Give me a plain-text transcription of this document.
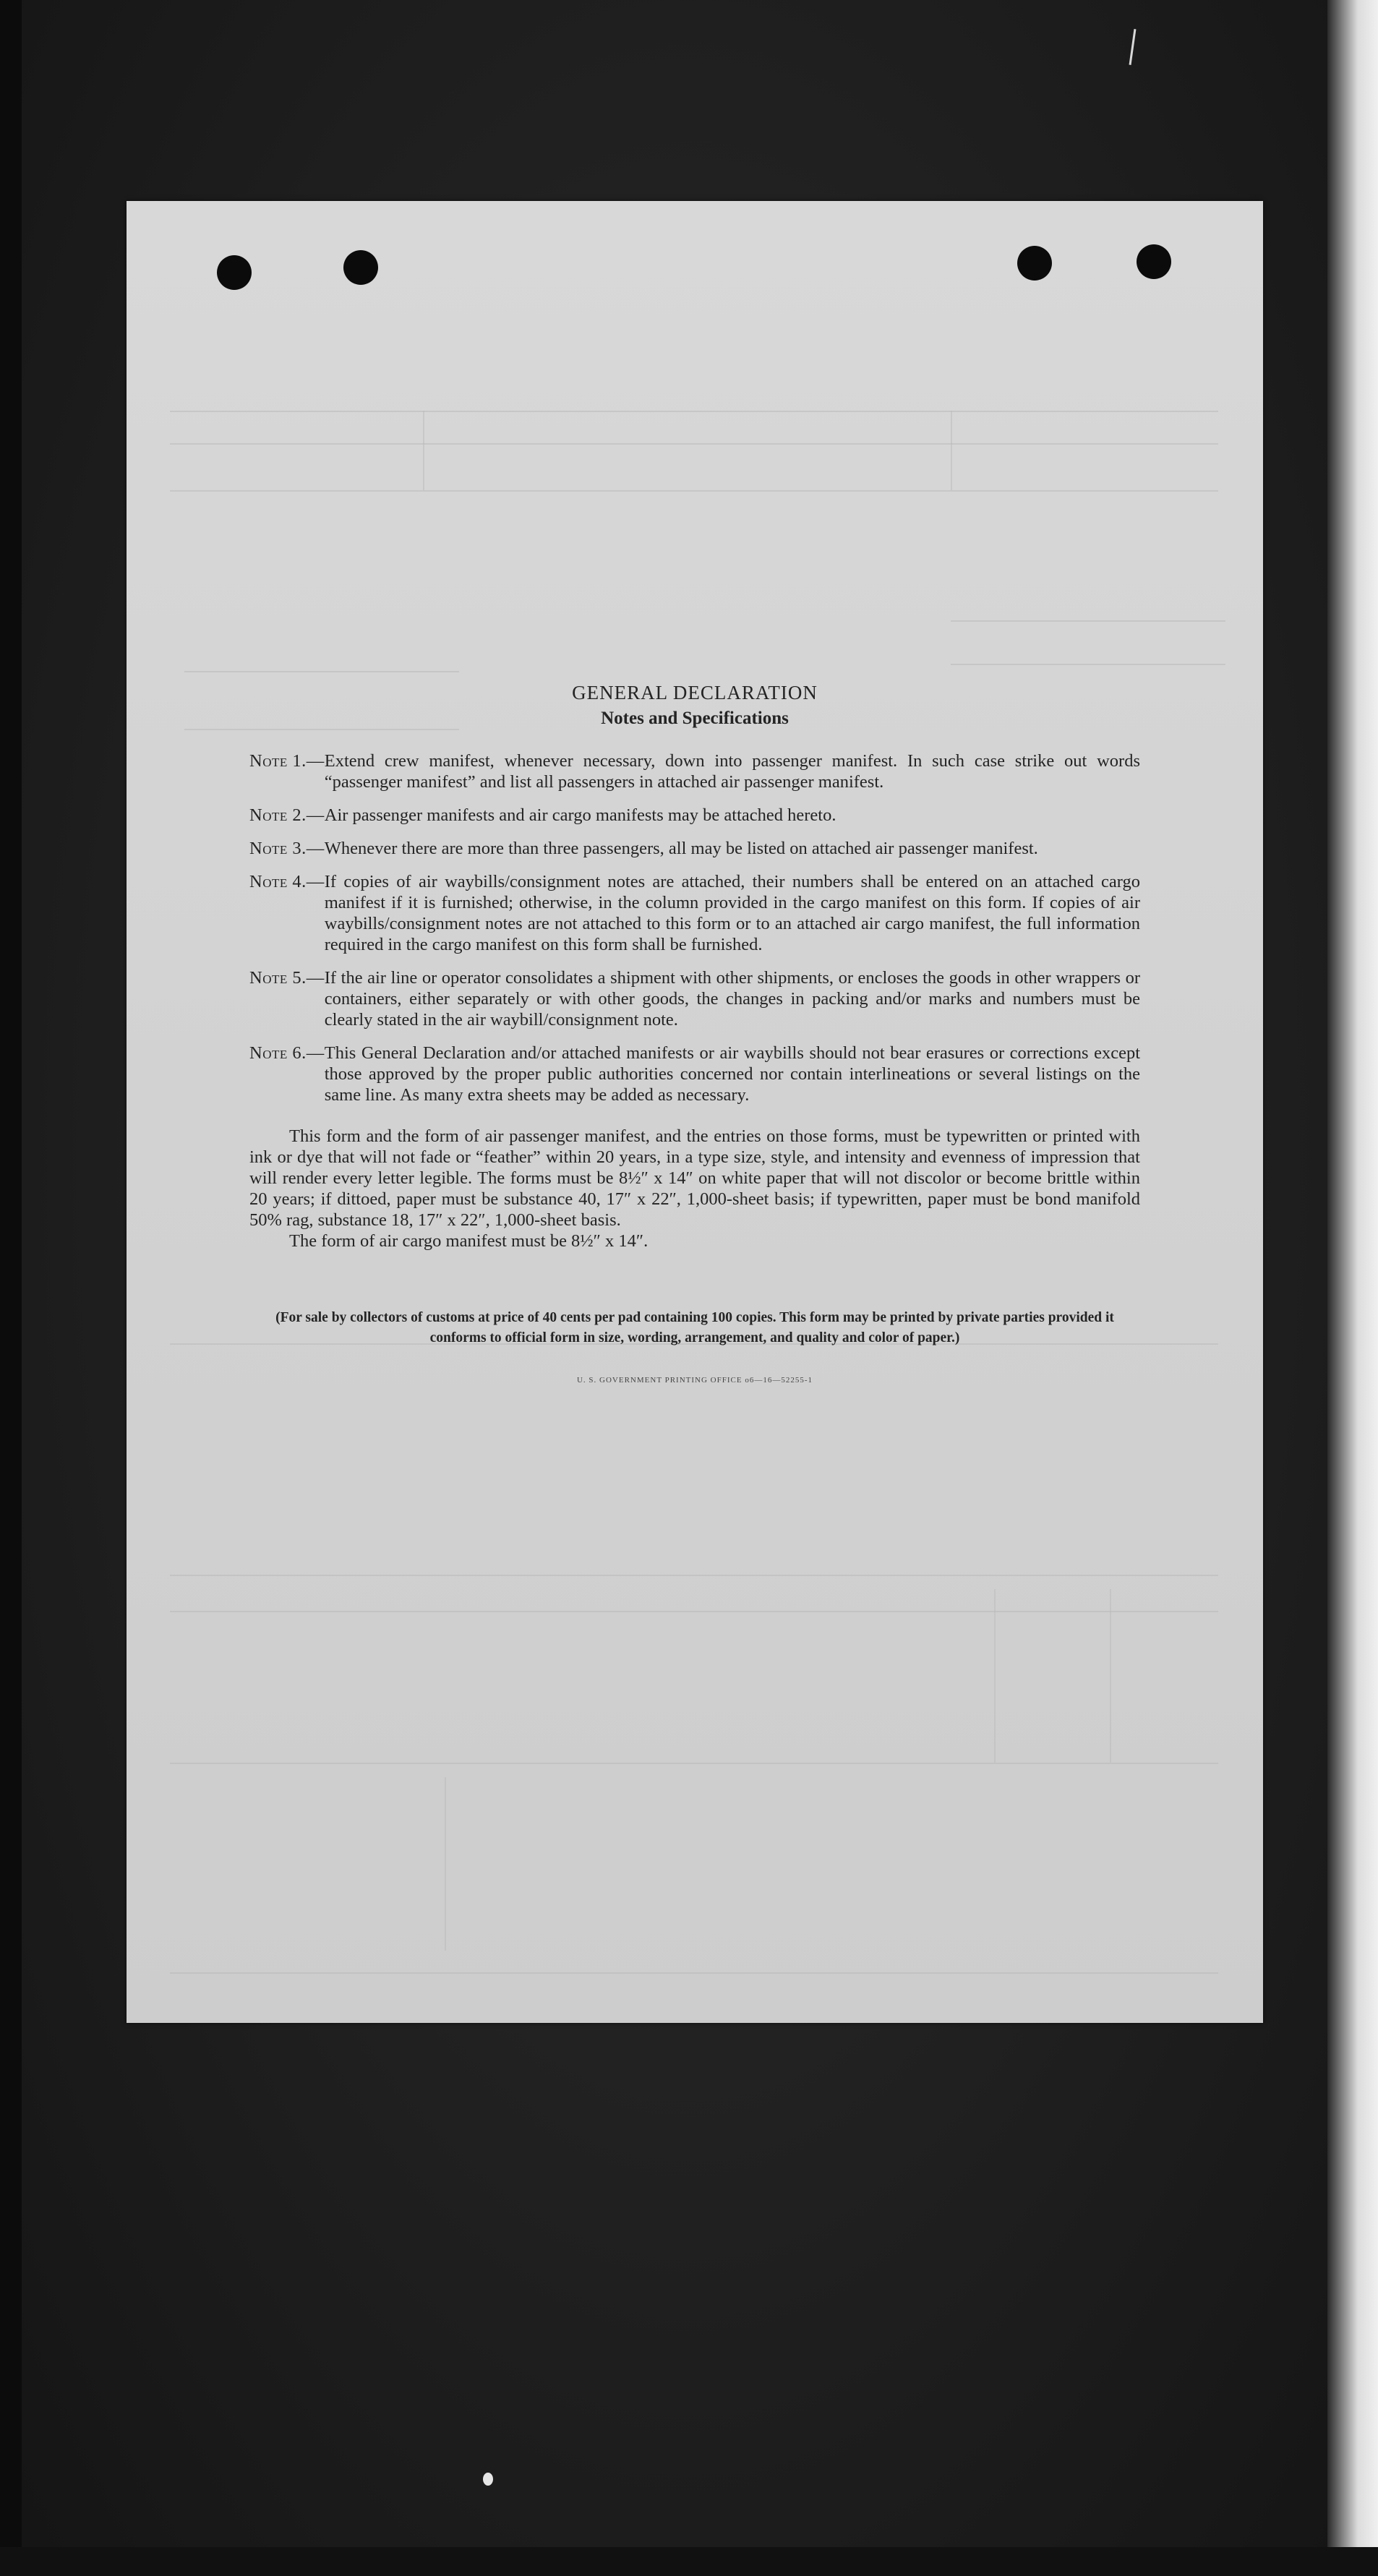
GENERAL DECLARATION
Notes and Specifications
Note 1.— Extend crew manifest, whenever necessary, down into passenger manifest. In such case strike out words “passenger manifest” and list all passengers in attached air passenger manifest.
Note 2.— Air passenger manifests and air cargo manifests may be attached hereto.
Note 3.— Whenever there are more than three passengers, all may be listed on attached air passenger manifest.
Note 4.— If copies of air waybills/consignment notes are attached, their numbers shall be entered on an attached cargo manifest if it is furnished; otherwise, in the column provided in the cargo manifest on this form. If copies of air waybills/consignment notes are not attached to this form or to an attached air cargo manifest, the full information required in the cargo manifest on this form shall be furnished.
Note 5.— If the air line or operator consolidates a shipment with other shipments, or encloses the goods in other wrappers or containers, either separately or with other goods, the changes in packing and/or marks and numbers must be clearly stated in the air waybill/consignment note.
Note 6.— This General Declaration and/or attached manifests or air waybills should not bear erasures or corrections except those approved by the proper public authorities concerned nor contain interlineations or several listings on the same line. As many extra sheets may be added as necessary.

This form and the form of air passenger manifest, and the entries on those forms, must be typewritten or printed with ink or dye that will not fade or “feather” within 20 years, in a type size, style, and intensity and evenness of impression that will render every letter legible. The forms must be 8½″ x 14″ on white paper that will not discolor or become brittle within 20 years; if dittoed, paper must be substance 40, 17″ x 22″, 1,000-sheet basis; if typewritten, paper must be bond manifold 50% rag, substance 18, 17″ x 22″, 1,000-sheet basis.

The form of air cargo manifest must be 8½″ x 14″.

(For sale by collectors of customs at price of 40 cents per pad containing 100 copies. This form may be printed by private parties provided it conforms to official form in size, wording, arrangement, and quality and color of paper.)

U. S. GOVERNMENT PRINTING OFFICE o6—16—52255-1
